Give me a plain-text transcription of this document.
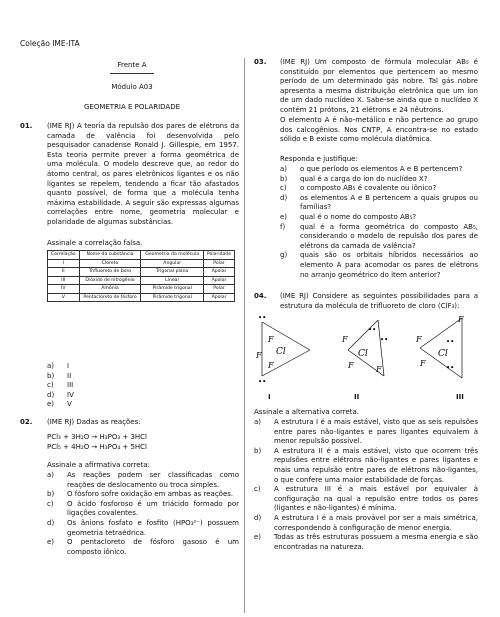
Coleção IME-ITA
Frente A
Módulo A03
GEOMETRIA E POLARIDADE
01. (IME RJ) A teoria da repulsão dos pares de elétrons da camada de valência foi desenvolvida pelo pesquisador canadense Ronald J. Gillespie, em 1957. Esta teoria permite prever a forma geométrica de uma molécula. O modelo descreve que, ao redor do átomo central, os pares eletrônicos ligantes e os não ligantes se repelem, tendendo a ficar tão afastados quanto possível, de forma que a molécula tenha máxima estabilidade. A seguir são expressas algumas correlações entre nome, geometria molecular e polaridade de algumas substâncias.
Assinale a correlação falsa.
Correlação	Nome da substância	Geometria da molécula	Polaridade
I	Cloreto	Angular	Polar
II	Trifluoreto de boro	Trigonal plana	Apolar
III	Dióxido de nitrogênio	Linear	Apolar
IV	Amônia	Pirâmide trigonal	Polar
V	Pentacloreto de fósforo	Pirâmide trigonal	Apolar
a)	I
b)	II
c)	III
d)	IV
e)	V
02. (IME RJ) Dadas as reações:
PCl₃ + 3H₂O → H₃PO₃ + 3HCl
PCl₅ + 4H₂O → H₃PO₄ + 5HCl
Assinale a afirmativa correta:
a)	As reações podem ser classificadas como reações de deslocamento ou troca simples.
b)	O fósforo sofre oxidação em ambas as reações.
c)	O ácido fosforoso é um triácido formado por ligações covalentes.
d)	Os ânions fosfato e fosfito (HPO₃²⁻) possuem geometria tetraédrica.
e)	O pentacloreto de fósforo gasoso é um composto iônico.
03. (IME RJ) Um composto de fórmula molecular AB₅ é constituído por elementos que pertencem ao mesmo período de um determinado gás nobre. Tal gás nobre apresenta a mesma distribuição eletrônica que um íon de um dado nuclídeo X. Sabe-se ainda que o nuclídeo X contém 21 prótons, 21 elétrons e 24 nêutrons.
O elemento A é não-metálico e não pertence ao grupo dos calcogênios. Nos CNTP, A encontra-se no estado sólido e B existe como molécula diatômica.
Responda e justifique:
a)	o que período os elementos A e B pertencem?
b)	qual é a carga do íon do nuclídeo X?
c)	o composto AB₅ é covalente ou iônico?
d)	os elementos A e B pertencem a quais grupos ou famílias?
e)	qual é o nome do composto AB₅?
f)	qual é a forma geométrica do composto AB₅, considerando o modelo de repulsão dos pares de elétrons da camada de valência?
g)	quais são os orbitais híbridos necessários ao elemento A para acomodar os pares de elétrons no arranjo geométrico do item anterior?
04. (IME RJ) Considere as seguintes possibilidades para a estrutura da molécula de trifluoreto de cloro (ClF₃):
Cl
F
F
F
••
••
Cl
F
F	F
••
••
Cl
F
F
F
••
••
I	II	III
Assinale a alternativa correta.
a)	A estrutura I é a mais estável, visto que as seis repulsões entre pares não-ligantes e pares ligantes equivalem à menor repulsão possível.
b)	A estrutura II é a mais estável, visto que ocorrem três repulsões entre elétrons não-ligantes e pares ligantes e mais uma repulsão entre pares de elétrons não-ligantes, o que confere uma maior estabilidade de forças.
c)	A estrutura III é a mais estável por equivaler à configuração na qual a repulsão entre todos os pares (ligantes e não-ligantes) é mínima.
d)	A estrutura I é a mais provável por ser a mais simétrica, correspondendo à configuração de menor energia.
e)	Todas as três estruturas possuem a mesma energia e são encontradas na natureza.
